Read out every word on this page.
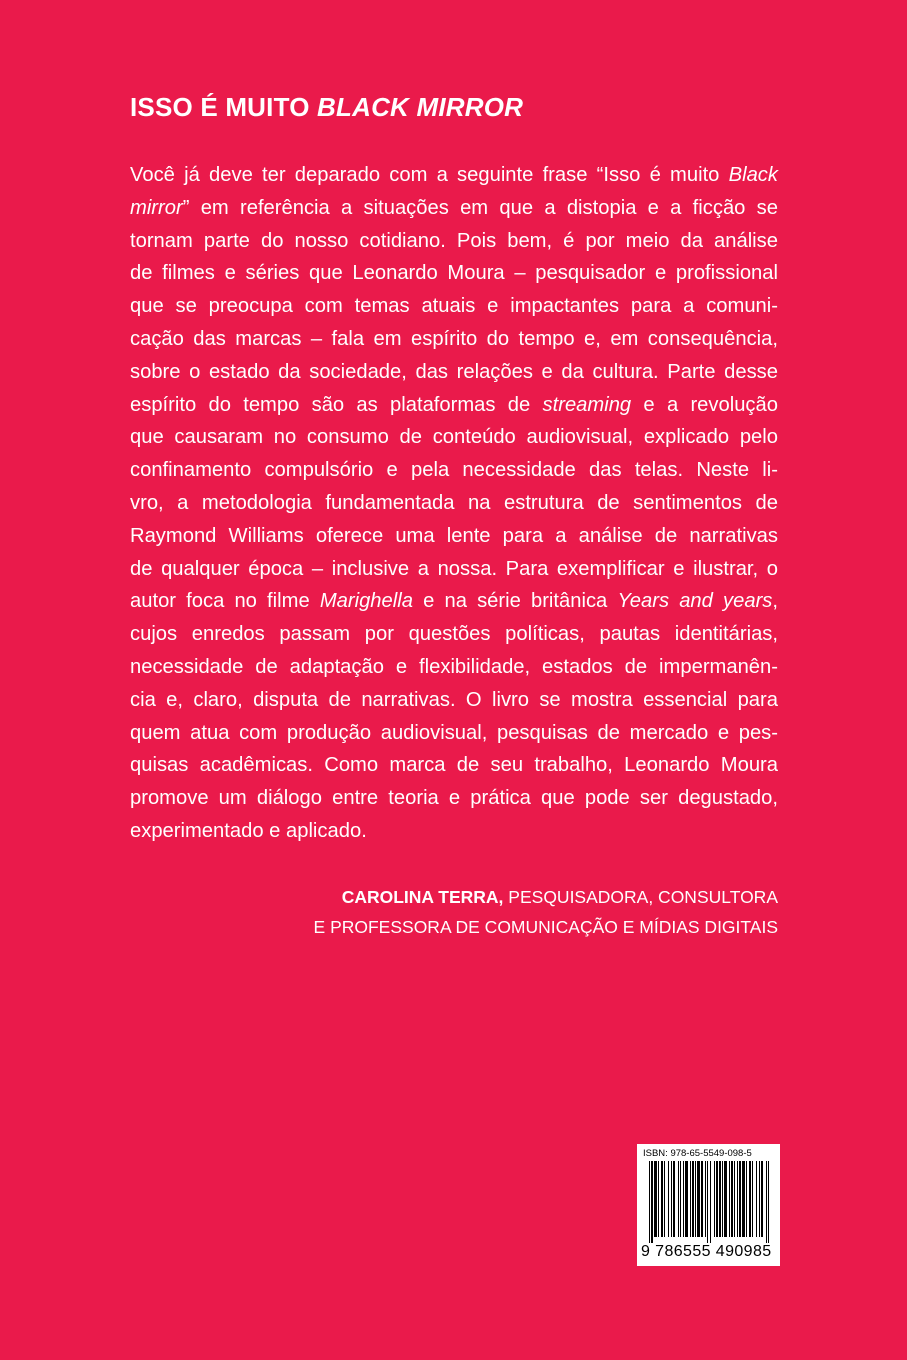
ISSO É MUITO BLACK MIRROR
Você já deve ter deparado com a seguinte frase “Isso é muito Black
mirror” em referência a situações em que a distopia e a ficção se
tornam parte do nosso cotidiano. Pois bem, é por meio da análise
de filmes e séries que Leonardo Moura – pesquisador e profissional
que se preocupa com temas atuais e impactantes para a comuni-
cação das marcas – fala em espírito do tempo e, em consequência,
sobre o estado da sociedade, das relações e da cultura. Parte desse
espírito do tempo são as plataformas de streaming e a revolução
que causaram no consumo de conteúdo audiovisual, explicado pelo
confinamento compulsório e pela necessidade das telas. Neste li-
vro, a metodologia fundamentada na estrutura de sentimentos de
Raymond Williams oferece uma lente para a análise de narrativas
de qualquer época – inclusive a nossa. Para exemplificar e ilustrar, o
autor foca no filme Marighella e na série britânica Years and years,
cujos enredos passam por questões políticas, pautas identitárias,
necessidade de adaptação e flexibilidade, estados de impermanên-
cia e, claro, disputa de narrativas. O livro se mostra essencial para
quem atua com produção audiovisual, pesquisas de mercado e pes-
quisas acadêmicas. Como marca de seu trabalho, Leonardo Moura
promove um diálogo entre teoria e prática que pode ser degustado,
experimentado e aplicado.
CAROLINA TERRA, PESQUISADORA, CONSULTORA
E PROFESSORA DE COMUNICAÇÃO E MÍDIAS DIGITAIS
ISBN: 978-65-5549-098-5
9 786555 490985
